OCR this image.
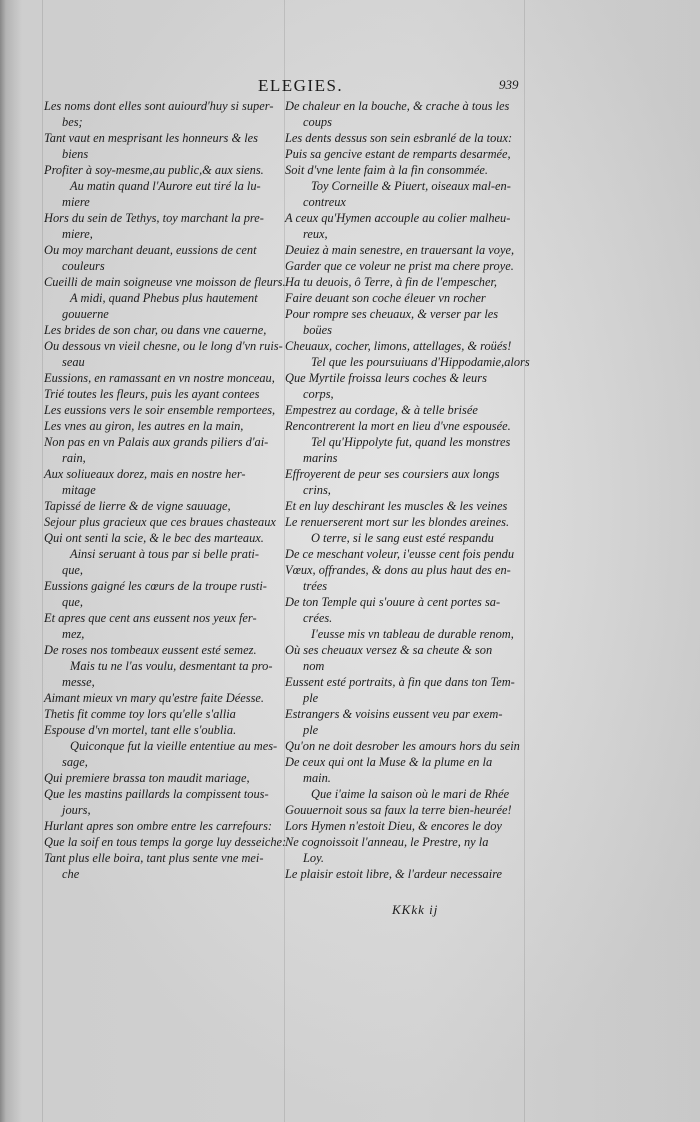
ELEGIES.	939
Les noms dont elles sont auiourd'huy si super-
bes;
Tant vaut en mesprisant les honneurs & les
biens
Profiter à soy-mesme,au public,& aux siens.
Au matin quand l'Aurore eut tiré la lu-
miere
Hors du sein de Tethys, toy marchant la pre-
miere,
Ou moy marchant deuant, eussions de cent
couleurs
Cueilli de main soigneuse vne moisson de fleurs.
A midi, quand Phebus plus hautement
gouuerne
Les brides de son char, ou dans vne cauerne,
Ou dessous vn vieil chesne, ou le long d'vn ruis-
seau
Eussions, en ramassant en vn nostre monceau,
Trié toutes les fleurs, puis les ayant contees
Les eussions vers le soir ensemble remportees,
Les vnes au giron, les autres en la main,
Non pas en vn Palais aux grands piliers d'ai-
rain,
Aux soliueaux dorez, mais en nostre her-
mitage
Tapissé de lierre & de vigne sauuage,
Sejour plus gracieux que ces braues chasteaux
Qui ont senti la scie, & le bec des marteaux.
Ainsi seruant à tous par si belle prati-
que,
Eussions gaigné les cœurs de la troupe rusti-
que,
Et apres que cent ans eussent nos yeux fer-
mez,
De roses nos tombeaux eussent esté semez.
Mais tu ne l'as voulu, desmentant ta pro-
messe,
Aimant mieux vn mary qu'estre faite Déesse.
Thetis fit comme toy lors qu'elle s'allia
Espouse d'vn mortel, tant elle s'oublia.
Quiconque fut la vieille ententiue au mes-
sage,
Qui premiere brassa ton maudit mariage,
Que les mastins paillards la compissent tous-
jours,
Hurlant apres son ombre entre les carrefours:
Que la soif en tous temps la gorge luy desseiche:
Tant plus elle boira, tant plus sente vne mei-
che
De chaleur en la bouche, & crache à tous les
coups
Les dents dessus son sein esbranlé de la toux:
Puis sa gencive estant de remparts desarmée,
Soit d'vne lente faim à la fin consommée.
Toy Corneille & Piuert, oiseaux mal-en-
contreux
A ceux qu'Hymen accouple au colier malheu-
reux,
Deuiez à main senestre, en trauersant la voye,
Garder que ce voleur ne prist ma chere proye.
Ha tu deuois, ô Terre, à fin de l'empescher,
Faire deuant son coche éleuer vn rocher
Pour rompre ses cheuaux, & verser par les
boües
Cheuaux, cocher, limons, attellages, & roüés!
Tel que les poursuiuans d'Hippodamie,alors
Que Myrtile froissa leurs coches & leurs
corps,
Empestrez au cordage, & à telle brisée
Rencontrerent la mort en lieu d'vne espousée.
Tel qu'Hippolyte fut, quand les monstres
marins
Effroyerent de peur ses coursiers aux longs
crins,
Et en luy deschirant les muscles & les veines
Le renuerserent mort sur les blondes areines.
O terre, si le sang eust esté respandu
De ce meschant voleur, i'eusse cent fois pendu
Vœux, offrandes, & dons au plus haut des en-
trées
De ton Temple qui s'ouure à cent portes sa-
crées.
I'eusse mis vn tableau de durable renom,
Où ses cheuaux versez & sa cheute & son
nom
Eussent esté portraits, à fin que dans ton Tem-
ple
Estrangers & voisins eussent veu par exem-
ple
Qu'on ne doit desrober les amours hors du sein
De ceux qui ont la Muse & la plume en la
main.
Que i'aime la saison où le mari de Rhée
Gouuernoit sous sa faux la terre bien-heurée!
Lors Hymen n'estoit Dieu, & encores le doy
Ne cognoissoit l'anneau, le Prestre, ny la
Loy.
Le plaisir estoit libre, & l'ardeur necessaire
KKkk ij
